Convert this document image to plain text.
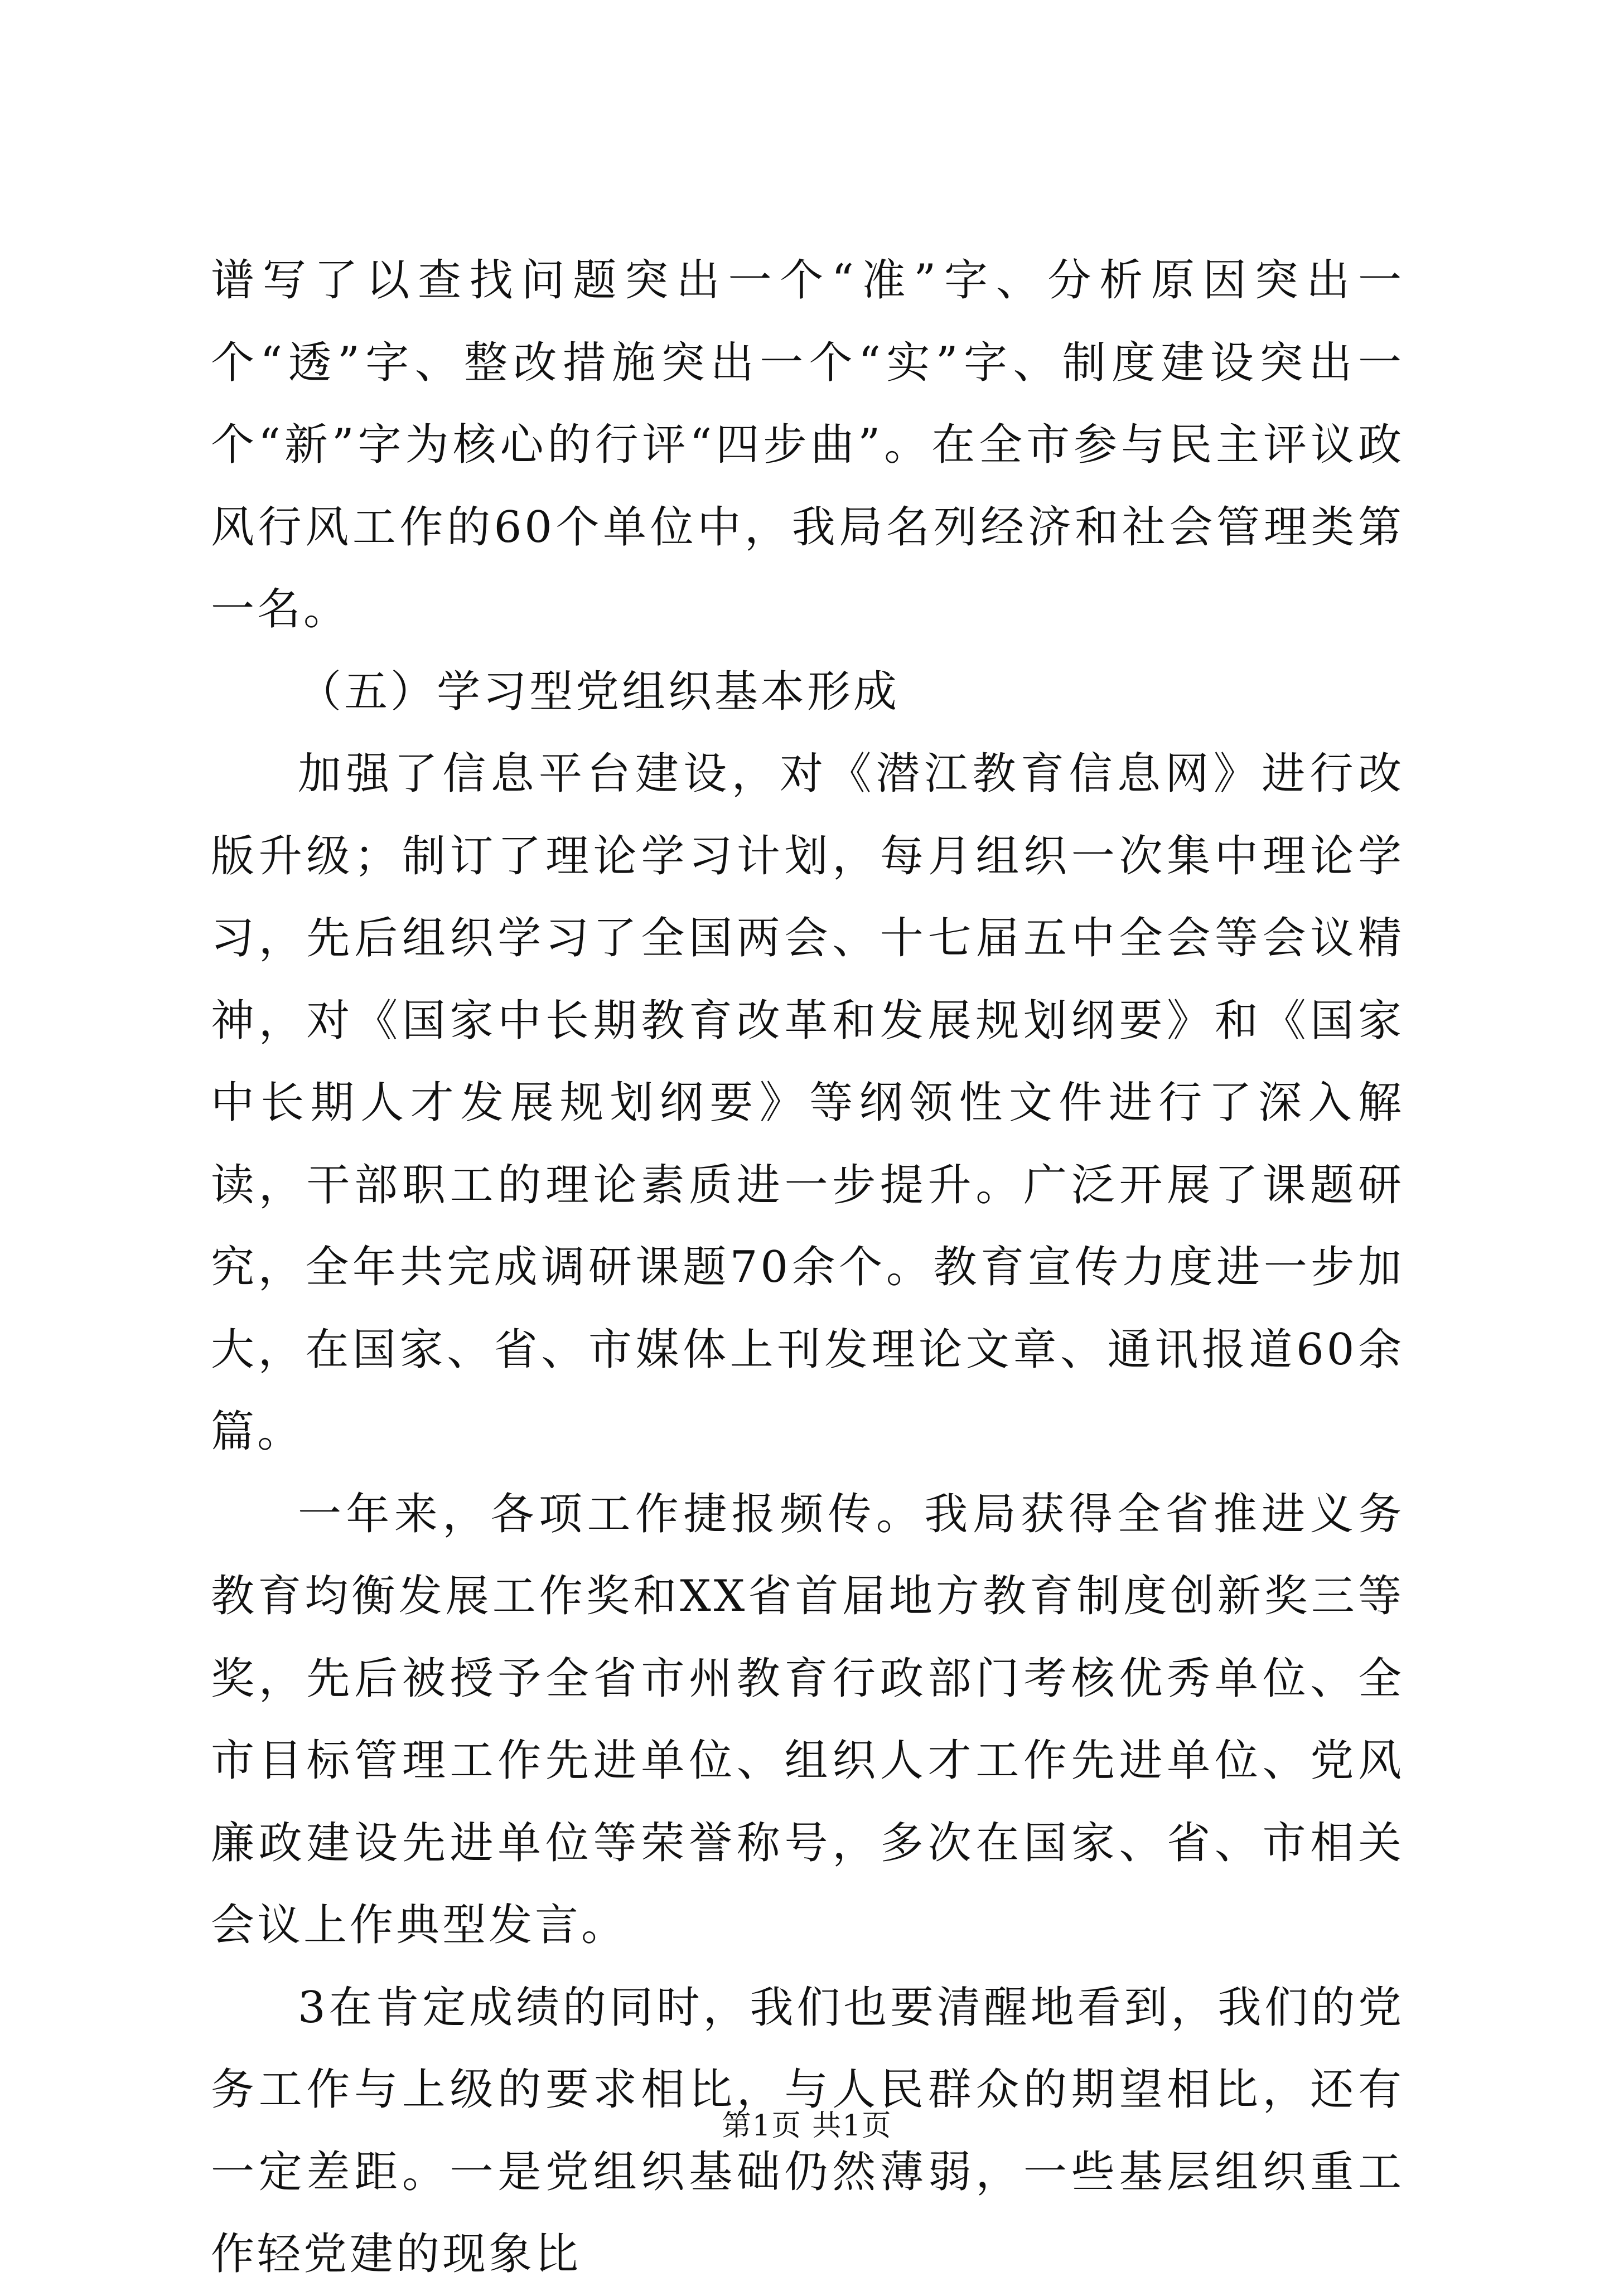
谱写了以查找问题突出一个“准”字、分析原因突出一个“透”字、整改措施突出一个“实”字、制度建设突出一个“新”字为核心的行评“四步曲”。在全市参与民主评议政风行风工作的60个单位中，我局名列经济和社会管理类第一名。

（五）学习型党组织基本形成

加强了信息平台建设，对《潜江教育信息网》进行改版升级；制订了理论学习计划，每月组织一次集中理论学习，先后组织学习了全国两会、十七届五中全会等会议精神，对《国家中长期教育改革和发展规划纲要》和《国家中长期人才发展规划纲要》等纲领性文件进行了深入解读，干部职工的理论素质进一步提升。广泛开展了课题研究，全年共完成调研课题70余个。教育宣传力度进一步加大，在国家、省、市媒体上刊发理论文章、通讯报道60余篇。

一年来，各项工作捷报频传。我局获得全省推进义务教育均衡发展工作奖和XX省首届地方教育制度创新奖三等奖，先后被授予全省市州教育行政部门考核优秀单位、全市目标管理工作先进单位、组织人才工作先进单位、党风廉政建设先进单位等荣誉称号，多次在国家、省、市相关会议上作典型发言。

3在肯定成绩的同时，我们也要清醒地看到，我们的党务工作与上级的要求相比，与人民群众的期望相比，还有一定差距。一是党组织基础仍然薄弱，一些基层组织重工作轻党建的现象比

第1页 共1页
